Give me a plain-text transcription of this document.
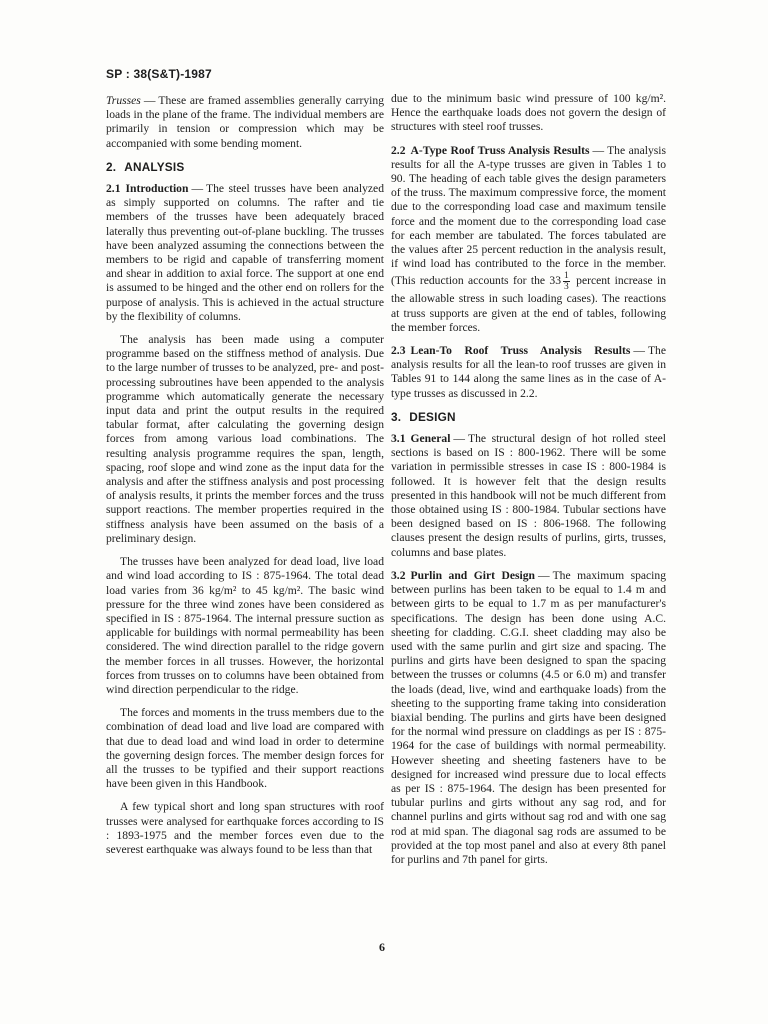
SP : 38(S&T)-1987

Trusses — These are framed assemblies generally carrying loads in the plane of the frame. The individual members are primarily in tension or compression which may be accompanied with some bending moment.

2. ANALYSIS

2.1 Introduction — The steel trusses have been analyzed as simply supported on columns. The rafter and tie members of the trusses have been adequately braced laterally thus preventing out-of-plane buckling. The trusses have been analyzed assuming the connections between the members to be rigid and capable of transferring moment and shear in addition to axial force. The support at one end is assumed to be hinged and the other end on rollers for the purpose of analysis. This is achieved in the actual structure by the flexibility of columns.

The analysis has been made using a computer programme based on the stiffness method of analysis. Due to the large number of trusses to be analyzed, pre- and post-processing subroutines have been appended to the analysis programme which automatically generate the necessary input data and print the output results in the required tabular format, after calculating the governing design forces from among various load combinations. The resulting analysis programme requires the span, length, spacing, roof slope and wind zone as the input data for the analysis and after the stiffness analysis and post processing of analysis results, it prints the member forces and the truss support reactions. The member properties required in the stiffness analysis have been assumed on the basis of a preliminary design.

The trusses have been analyzed for dead load, live load and wind load according to IS : 875-1964. The total dead load varies from 36 kg/m² to 45 kg/m². The basic wind pressure for the three wind zones have been considered as specified in IS : 875-1964. The internal pressure suction as applicable for buildings with normal permeability has been considered. The wind direction parallel to the ridge govern the member forces in all trusses. However, the horizontal forces from trusses on to columns have been obtained from wind direction perpendicular to the ridge.

The forces and moments in the truss members due to the combination of dead load and live load are compared with that due to dead load and wind load in order to determine the governing design forces. The member design forces for all the trusses to be typified and their support reactions have been given in this Handbook.

A few typical short and long span structures with roof trusses were analysed for earthquake forces according to IS : 1893-1975 and the member forces even due to the severest earthquake was always found to be less than that

due to the minimum basic wind pressure of 100 kg/m². Hence the earthquake loads does not govern the design of structures with steel roof trusses.

2.2 A-Type Roof Truss Analysis Results — The analysis results for all the A-type trusses are given in Tables 1 to 90. The heading of each table gives the design parameters of the truss. The maximum compressive force, the moment due to the corresponding load case and maximum tensile force and the moment due to the corresponding load case for each member are tabulated. The forces tabulated are the values after 25 percent reduction in the analysis result, if wind load has contributed to the force in the member. (This reduction accounts for the $33 \frac{1}{3}$ percent increase in the allowable stress in such loading cases). The reactions at truss supports are given at the end of tables, following the member forces.

2.3 Lean-To Roof Truss Analysis Results — The analysis results for all the lean-to roof trusses are given in Tables 91 to 144 along the same lines as in the case of A-type trusses as discussed in 2.2.

3. DESIGN

3.1 General — The structural design of hot rolled steel sections is based on IS : 800-1962. There will be some variation in permissible stresses in case IS : 800-1984 is followed. It is however felt that the design results presented in this handbook will not be much different from those obtained using IS : 800-1984. Tubular sections have been designed based on IS : 806-1968. The following clauses present the design results of purlins, girts, trusses, columns and base plates.

3.2 Purlin and Girt Design — The maximum spacing between purlins has been taken to be equal to 1.4 m and between girts to be equal to 1.7 m as per manufacturer's specifications. The design has been done using A.C. sheeting for cladding. C.G.I. sheet cladding may also be used with the same purlin and girt size and spacing. The purlins and girts have been designed to span the spacing between the trusses or columns (4.5 or 6.0 m) and transfer the loads (dead, live, wind and earthquake loads) from the sheeting to the supporting frame taking into consideration biaxial bending. The purlins and girts have been designed for the normal wind pressure on claddings as per IS : 875-1964 for the case of buildings with normal permeability. However sheeting and sheeting fasteners have to be designed for increased wind pressure due to local effects as per IS : 875-1964. The design has been presented for tubular purlins and girts without any sag rod, and for channel purlins and girts without sag rod and with one sag rod at mid span. The diagonal sag rods are assumed to be provided at the top most panel and also at every 8th panel for purlins and 7th panel for girts.

6
